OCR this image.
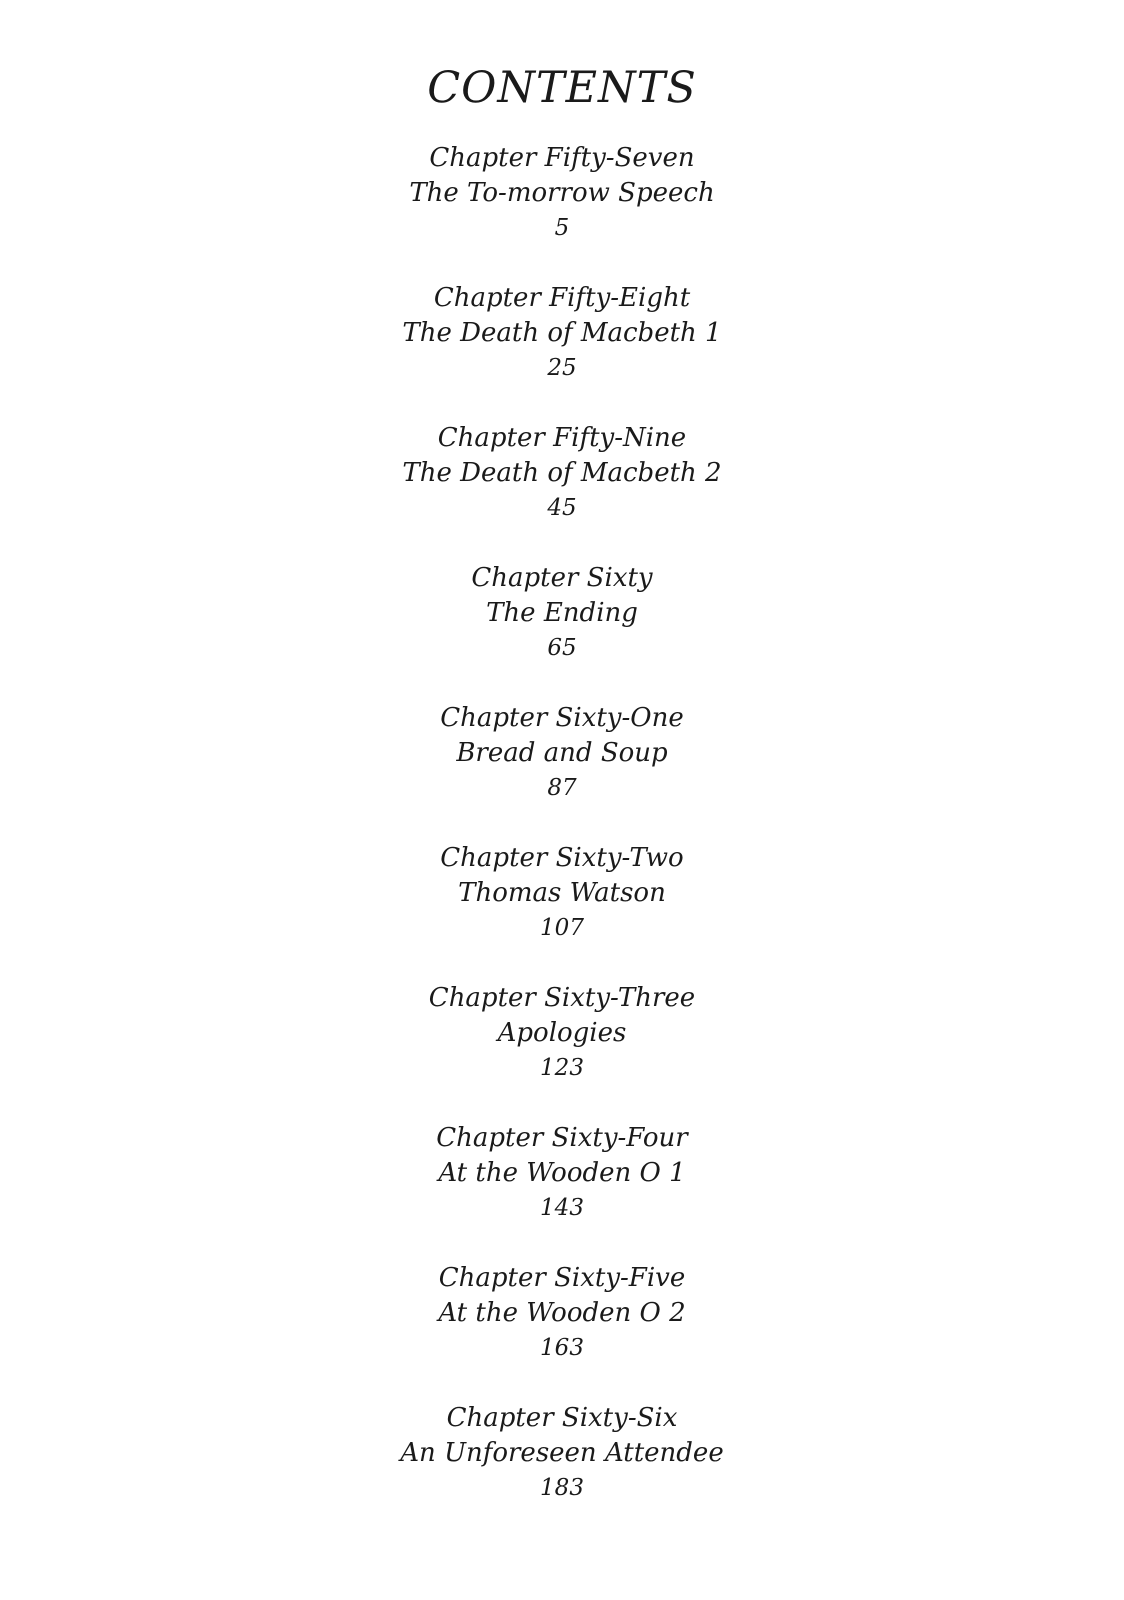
CONTENTS
Chapter Fifty-Seven
The To-morrow Speech
5
Chapter Fifty-Eight
The Death of Macbeth 1
25
Chapter Fifty-Nine
The Death of Macbeth 2
45
Chapter Sixty
The Ending
65
Chapter Sixty-One
Bread and Soup
87
Chapter Sixty-Two
Thomas Watson
107
Chapter Sixty-Three
Apologies
123
Chapter Sixty-Four
At the Wooden O 1
143
Chapter Sixty-Five
At the Wooden O 2
163
Chapter Sixty-Six
An Unforeseen Attendee
183
